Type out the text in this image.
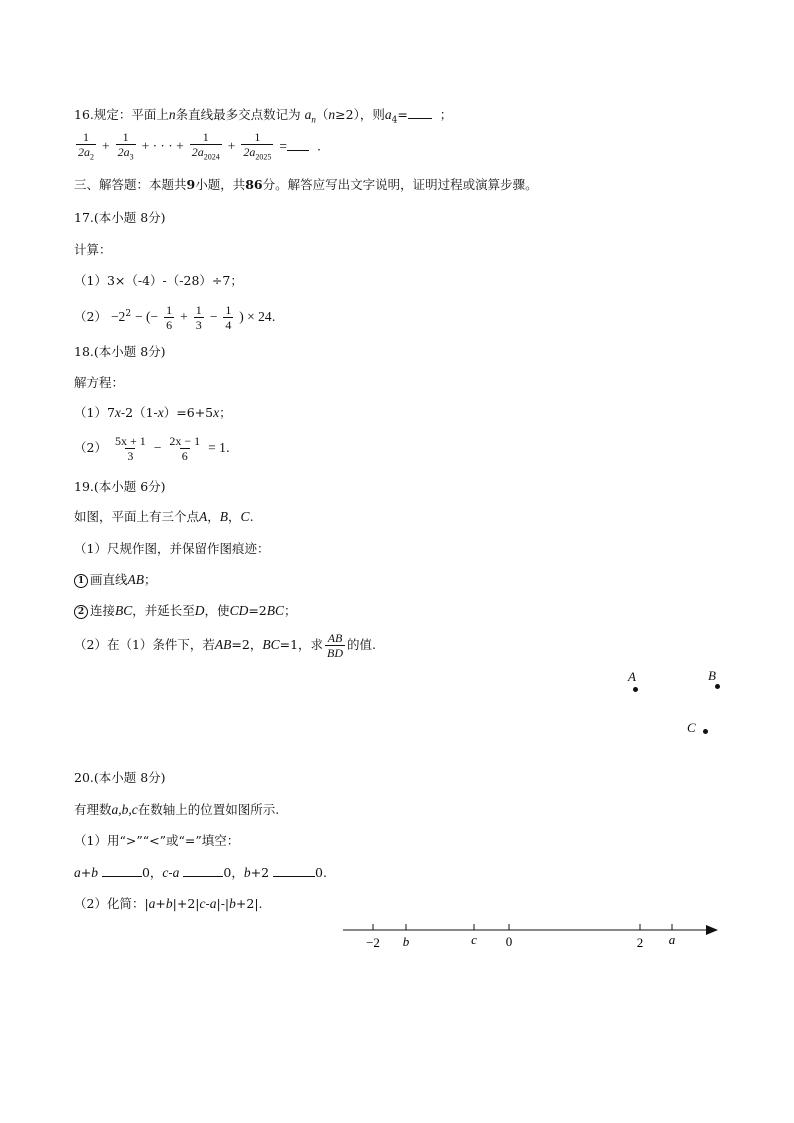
16.规定：平面上n条直线最多交点数记为 $a_n(n\ge 2)$，则$a_4=$	；
$\frac{1}{2a_2} + \frac{1}{2a_3}$ + · · · + $\frac{1}{2a_{2024}} + \frac{1}{2a_{2025}}$ = .
三、解答题：本题共9小题，共86分。解答应写出文字说明，证明过程或演算步骤。
17.(本小题 8分)
计算：
（1）3×（-4）-（-28）÷7；
$(2) -2^2$ − (− $\frac{1}{6} + \frac{1}{3} - \frac{1}{4}$ ) × 24.
18.(本小题 8分)
解方程：
（1）7x-2（1-x）=6+5x；
$(2) \frac{5x + 1}{3} - \frac{2x - 1}{6} = 1$.
19.(本小题 6分)
如图，平面上有三个点A，B，C.
（1）尺规作图，并保留作图痕迹：
1 画直线AB；
2 连接BC，并延长至D，使CD=2BC；
（2）在（1）条件下，若AB=2，BC=1，求 $\frac{AB}{BD}$ 的值.
A	B
C
20.(本小题 8分)
有理数a,b,c在数轴上的位置如图所示.
（1）用“>”“<”或“=”填空：
a+b	0，c-a	0，b+2	0.
（2）化简：|a+b|+2|c-a|-|b+2|.
−2 b	c 0	2 a
